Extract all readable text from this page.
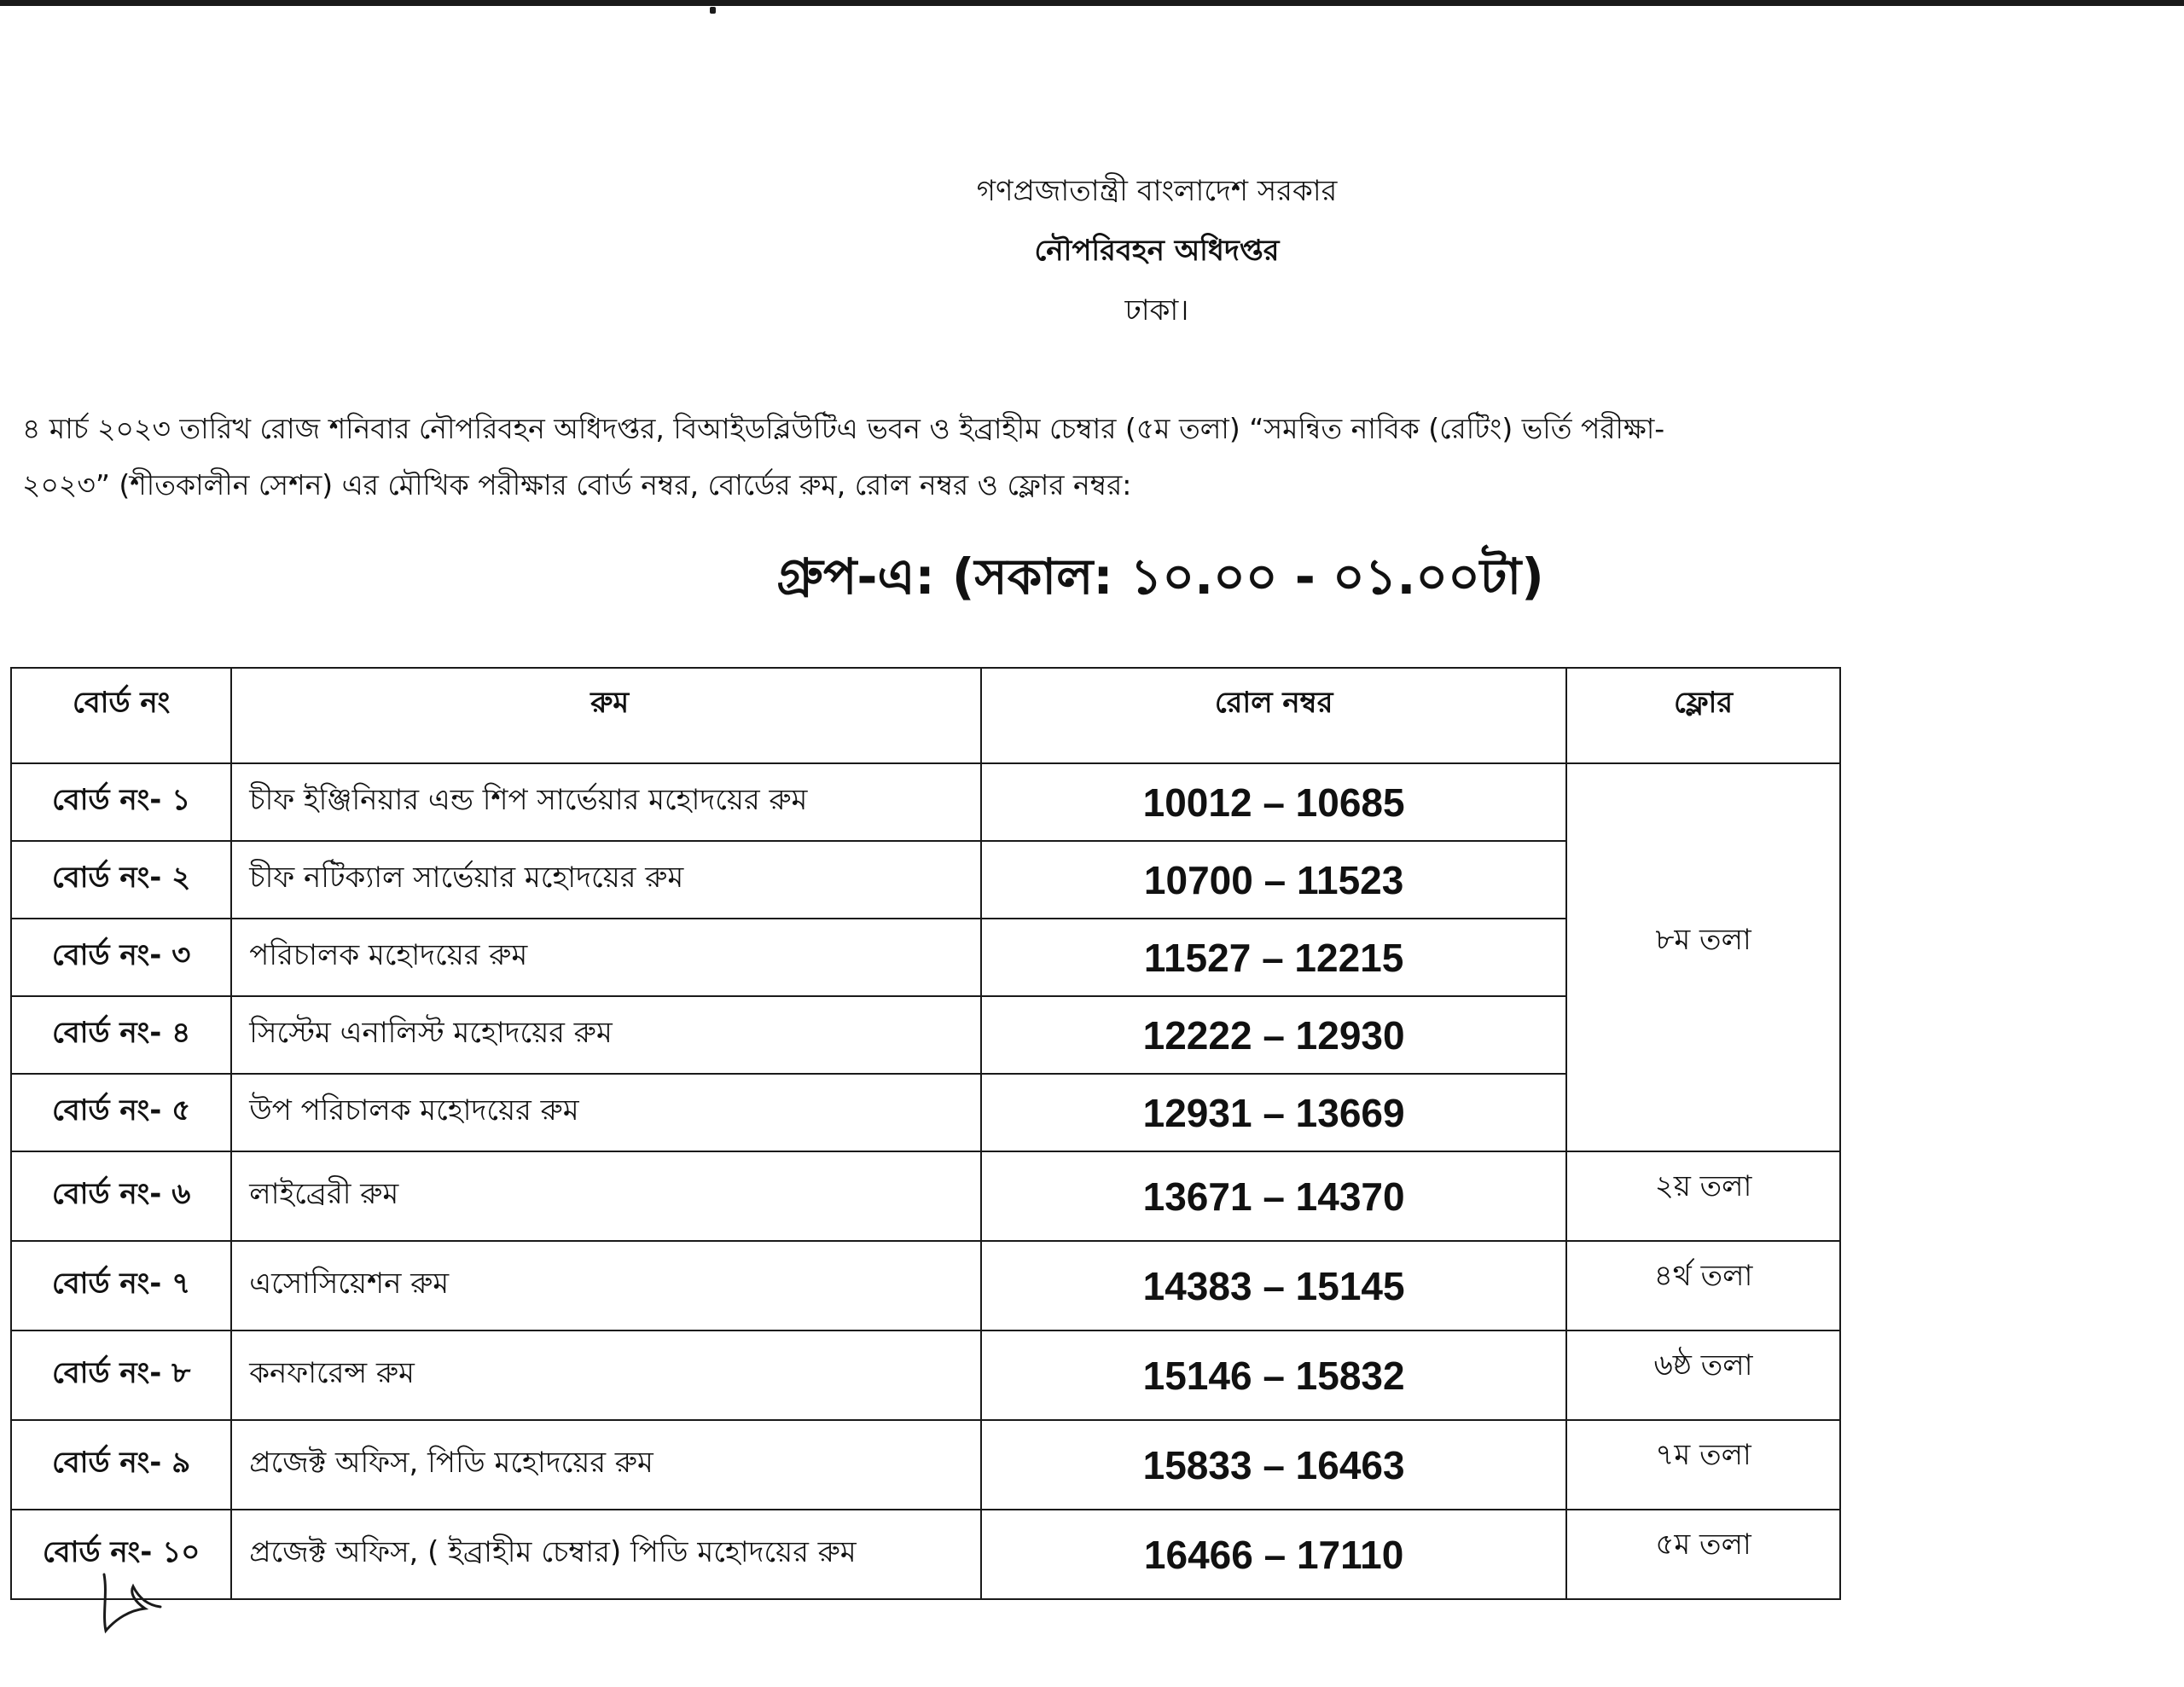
গণপ্রজাতান্ত্রী বাংলাদেশ সরকার
নৌপরিবহন অধিদপ্তর
ঢাকা।

৪ মার্চ ২০২৩ তারিখ রোজ শনিবার নৌপরিবহন অধিদপ্তর, বিআইডব্লিউটিএ ভবন ও ইব্রাহীম চেম্বার (৫ম তলা) “সমন্বিত নাবিক (রেটিং) ভর্তি পরীক্ষা-

২০২৩” (শীতকালীন সেশন) এর মৌখিক পরীক্ষার বোর্ড নম্বর, বোর্ডের রুম, রোল নম্বর ও ফ্লোর নম্বর:

গ্রুপ-এ: (সকাল: ১০.০০ - ০১.০০টা)
বোর্ড নং	রুম	রোল নম্বর	ফ্লোর
বোর্ড নং- ১	চীফ ইঞ্জিনিয়ার এন্ড শিপ সার্ভেয়ার মহোদয়ের রুম	10012 – 10685	৮ম তলা
বোর্ড নং- ২	চীফ নটিক্যাল সার্ভেয়ার মহোদয়ের রুম	10700 – 11523	
বোর্ড নং- ৩	পরিচালক মহোদয়ের রুম	11527 – 12215	
বোর্ড নং- ৪	সিস্টেম এনালিস্ট মহোদয়ের রুম	12222 – 12930	
বোর্ড নং- ৫	উপ পরিচালক মহোদয়ের রুম	12931 – 13669	
বোর্ড নং- ৬	লাইব্রেরী রুম	13671 – 14370	২য় তলা
বোর্ড নং- ৭	এসোসিয়েশন রুম	14383 – 15145	৪র্থ তলা
বোর্ড নং- ৮	কনফারেন্স রুম	15146 – 15832	৬ষ্ঠ তলা
বোর্ড নং- ৯	প্রজেক্ট অফিস, পিডি মহোদয়ের রুম	15833 – 16463	৭ম তলা
বোর্ড নং- ১০	প্রজেক্ট অফিস, ( ইব্রাহীম চেম্বার) পিডি মহোদয়ের রুম	16466 – 17110	৫ম তলা
